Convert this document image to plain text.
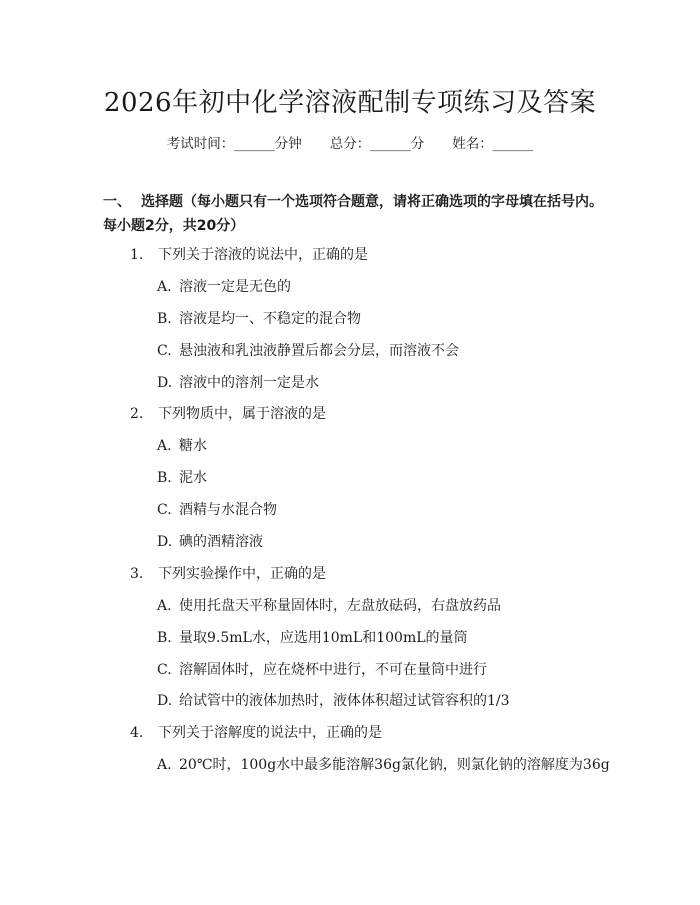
2026年初中化学溶液配制专项练习及答案
考试时间：______分钟 总分：______分 姓名：______
一、 选择题（每小题只有一个选项符合题意，请将正确选项的字母填在括号内。每小题2分，共20分）
1. 下列关于溶液的说法中，正确的是
A. 溶液一定是无色的
B. 溶液是均一、不稳定的混合物
C. 悬浊液和乳浊液静置后都会分层，而溶液不会
D. 溶液中的溶剂一定是水
2. 下列物质中，属于溶液的是
A. 糖水
B. 泥水
C. 酒精与水混合物
D. 碘的酒精溶液
3. 下列实验操作中，正确的是
A. 使用托盘天平称量固体时，左盘放砝码，右盘放药品
B. 量取9.5mL水，应选用10mL和100mL的量筒
C. 溶解固体时，应在烧杯中进行，不可在量筒中进行
D. 给试管中的液体加热时，液体体积超过试管容积的1/3
4. 下列关于溶解度的说法中，正确的是
A. 20℃时，100g水中最多能溶解36g氯化钠，则氯化钠的溶解度为36g
